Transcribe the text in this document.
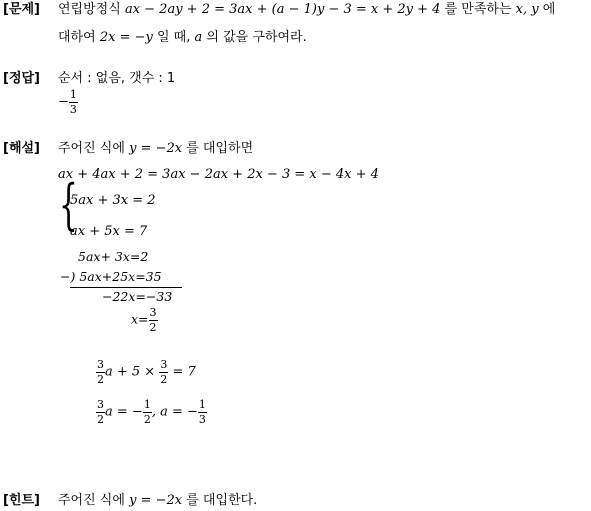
[문제] 연립방정식 ax − 2ay + 2 = 3ax + (a − 1)y − 3 = x + 2y + 4 를 만족하는 x, y 에
대하여 2x = −y 일 때, a 의 값을 구하여라.
[정답] 순서 : 없음, 갯수 : 1
− $\frac{1}{3}$
[해설] 주어진 식에 y = −2x 를 대입하면
ax + 4ax + 2 = 3ax − 2ax + 2x − 3 = x − 4x + 4
{
5ax + 3x = 2
ax + 5x = 7
5ax+ 3x=2
−) 5ax+25x=35
−22x=−33
$x= \frac{3}{2}$
$\frac{3}{2}$ $a + 5 \times \frac{3}{2} = 7$
$\frac{3}{2}$ a = − $\frac{1}{2}$ , a = − $\frac{1}{3}$
[힌트] 주어진 식에 y = −2x 를 대입한다.
